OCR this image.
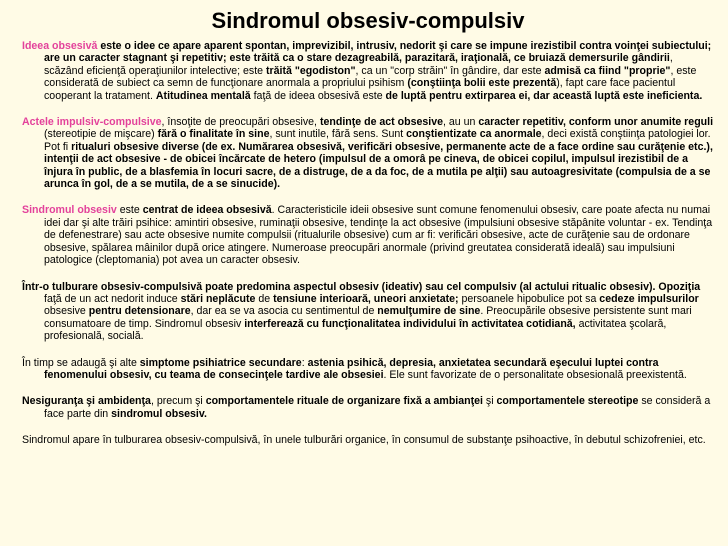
Sindromul obsesiv-compulsiv

Ideea obsesivă este o idee ce apare aparent spontan, imprevizibil, intrusiv, nedorit şi care se impune irezistibil contra voinţei subiectului; are un caracter stagnant şi repetitiv; este trăită ca o stare dezagreabilă, parazitară, iraţională, ce bruiază demersurile gândirii, scăzând eficienţă operaţiunilor intelective; este trăită "egodiston", ca un "corp străin" în gândire, dar este admisă ca fiind "proprie", este considerată de subiect ca semn de funcţionare anormala a propriului psihism (conştiinţa bolii este prezentă), fapt care face pacientul cooperant la tratament. Atitudinea mentală faţă de ideea obsesivă este de luptă pentru extirparea ei, dar această luptă este ineficienta.

Actele impulsiv-compulsive, însoţite de preocupări obsesive, tendinţe de act obsesive, au un caracter repetitiv, conform unor anumite reguli (stereotipie de mişcare) fără o finalitate în sine, sunt inutile, fără sens. Sunt conştientizate ca anormale, deci există conştiinţa patologiei lor. Pot fi ritualuri obsesive diverse (de ex. Numărarea obsesivă, verificări obsesive, permanente acte de a face ordine sau curăţenie etc.), intenţii de act obsesive - de obicei încărcate de hetero (impulsul de a omorâ pe cineva, de obicei copilul, impulsul irezistibil de a înjura în public, de a blasfemia în locuri sacre, de a distruge, de a da foc, de a mutila pe alţii) sau autoagresivitate (compulsia de a se arunca în gol, de a se mutila, de a se sinucide).

Sindromul obsesiv este centrat de ideea obsesivă. Caracteristicile ideii obsesive sunt comune fenomenului obsesiv, care poate afecta nu numai idei dar şi alte trăiri psihice: amintiri obsesive, ruminaţii obsesive, tendinţe la act obsesive (impulsiuni obsesive stăpânite voluntar - ex. Tendinţa de defenestrare) sau acte obsesive numite compulsii (ritualurile obsesive) cum ar fi: verificări obsesive, acte de curăţenie sau de ordonare obsesive, spălarea mâinilor după orice atingere. Numeroase preocupări anormale (privind greutatea considerată ideală) sau impulsiuni patologice (cleptomania) pot avea un caracter obsesiv.

Într-o tulburare obsesiv-compulsivă poate predomina aspectul obsesiv (ideativ) sau cel compulsiv (al actului ritualic obsesiv). Opoziţia faţă de un act nedorit induce stări neplăcute de tensiune interioară, uneori anxietate; persoanele hipobulice pot sa cedeze impulsurilor obsesive pentru detensionare, dar ea se va asocia cu sentimentul de nemulţumire de sine. Preocupările obsesive persistente sunt mari consumatoare de timp. Sindromul obsesiv interferează cu funcţionalitatea individului în activitatea cotidiană, activitatea şcolară, profesională, socială.

În timp se adaugă şi alte simptome psihiatrice secundare: astenia psihică, depresia, anxietatea secundară eşecului luptei contra fenomenului obsesiv, cu teama de consecinţele tardive ale obsesiei. Ele sunt favorizate de o personalitate obsesională preexistentă.

Nesiguranţa şi ambidenţa, precum şi comportamentele rituale de organizare fixă a ambianţei şi comportamentele stereotipe se consideră a face parte din sindromul obsesiv.

Sindromul apare în tulburarea obsesiv-compulsivă, în unele tulburări organice, în consumul de substanţe psihoactive, în debutul schizofreniei, etc.
